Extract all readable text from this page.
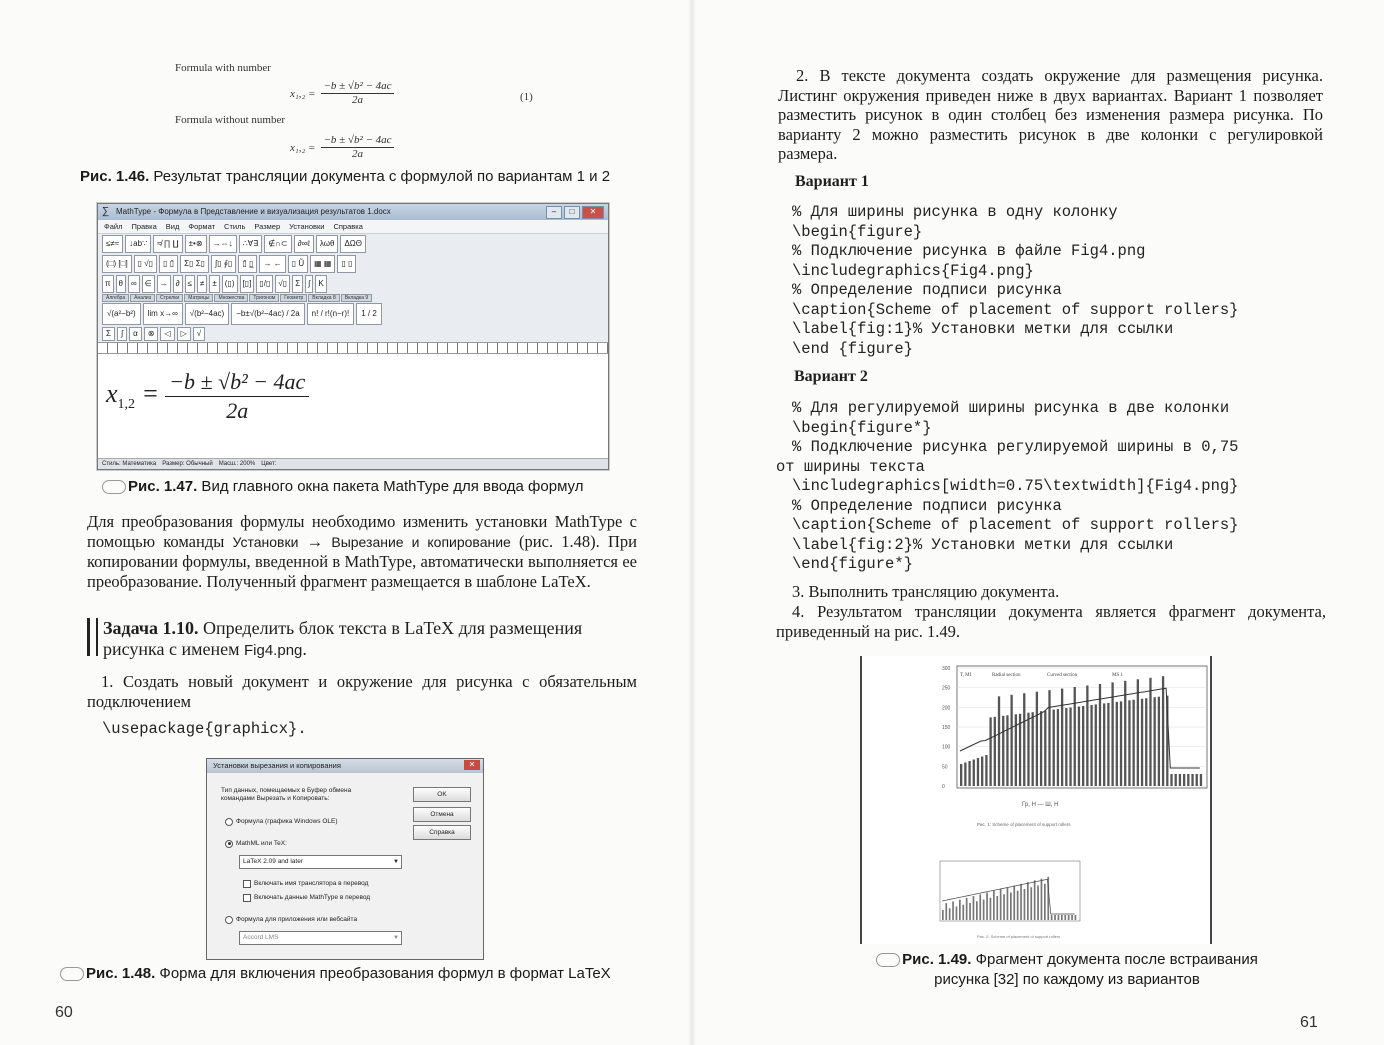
Formula with number
$x_1,_2 = \frac{\text{−b ± √b² − 4ac}}{2a}$	(1)
Formula without number
$x_1,_2 = \frac{\text{−b ± √b² − 4ac}}{2a}$
Рис. 1.46. Результат трансляции документа с формулой по вариантам 1 и 2
∑ MathType - Формула в Представление и визуализация результатов 1.docx	–	□	✕
Файл Правка Вид Формат Стиль Размер Установки Справка
≤≠≈	↓ab∵	≉ ∏ ∐	±•⊗	→⇔↓	∴∀∃	∉∩⊂	∂∞ℓ	λωθ	ΔΩΘ
(□) [□]	▯ √▯	▯ ▯̄	Σ▯ Σ▯	∫▯ ∮▯	▯̄ ▯̲	→ ←	▯ Ũ	▦ ▦	▯ ▯
π	θ	∞	∈	→	∂	≤	≠	±	(▯)	[▯]	▯/▯	√▯	Σ	∫	K
Алгебра	Анализ	Стрелки	Матрицы	Множества	Тригоном	Геометр	Вкладка 8	Вкладка 9
√(a²−b²)	lim x→∞	√(b²−4ac)	−b±√(b²−4ac) / 2a	n! / r!(n−r)!	1 / 2
Σ	∫	α	⊗	◁	▷	√
$x_{1,2} = \frac{\text{−b ± √b² − 4ac}}{2a}$
Стиль: Математика Размер: Обычный Масш.: 200% Цвет:
Рис. 1.47. Вид главного окна пакета MathType для ввода формул
Для преобразования формулы необходимо изменить установки MathType с помощью команды Установки → Вырезание и копирование (рис. 1.48). При копировании формулы, введенной в MathType, автоматически выполняется ее преобразование. Полученный фрагмент размещается в шаблоне LaTeX.
Задача 1.10. Определить блок текста в LaTeX для размещения рисунка с именем Fig4.png.
1. Создать новый документ и окружение для рисунка с обязательным подключением
\usepackage{graphicx}.
Установки вырезания и копирования	✕
Тип данных, помещаемых в Буфер обмена командами Вырезать и Копировать:
OK
Отмена
Справка
Формула (графика Windows OLE)
MathML или TeX:
LaTeX 2.09 and later	▼
Включать имя транслятора в перевод
Включать данные MathType в перевод
Формула для приложения или вебсайта
Accord LMS	▼
Рис. 1.48. Форма для включения преобразования формул в формат LaTeX
60
2. В тексте документа создать окружение для размещения рисунка. Листинг окружения приведен ниже в двух вариантах. Вариант 1 позволяет разместить рисунок в один столбец без изменения размера рисунка. По варианту 2 можно разместить рисунок в две колонки с регулировкой размера.
Вариант 1
% Для ширины рисунка в одну колонку
\begin{figure}
% Подключение рисунка в файле Fig4.png
\includegraphics{Fig4.png}
% Определение подписи рисунка
\caption{Scheme of placement of support rollers}
\label{fig:1}% Установки метки для ссылки
\end {figure}
Вариант 2
% Для регулируемой ширины рисунка в две колонки
\begin{figure*}
% Подключение рисунка регулируемой ширины в 0,75
от ширины текста
\includegraphics[width=0.75\textwidth]{Fig4.png}
% Определение подписи рисунка
\caption{Scheme of placement of support rollers}
\label{fig:2}% Установки метки для ссылки
\end{figure*}
3. Выполнить трансляцию документа.
4. Результатом трансляции документа является фрагмент документа, приведенный на рис. 1.49.
300
250
200
150
100
50
0
T, MI	Radial section	Curved section	MS 1
Гр, Н — Ш, Н
Рис. 1: Scheme of placement of support rollers
Рис. 2: Scheme of placement of support rollers
Рис. 1.49. Фрагмент документа после встраивания
рисунка [32] по каждому из вариантов
61
